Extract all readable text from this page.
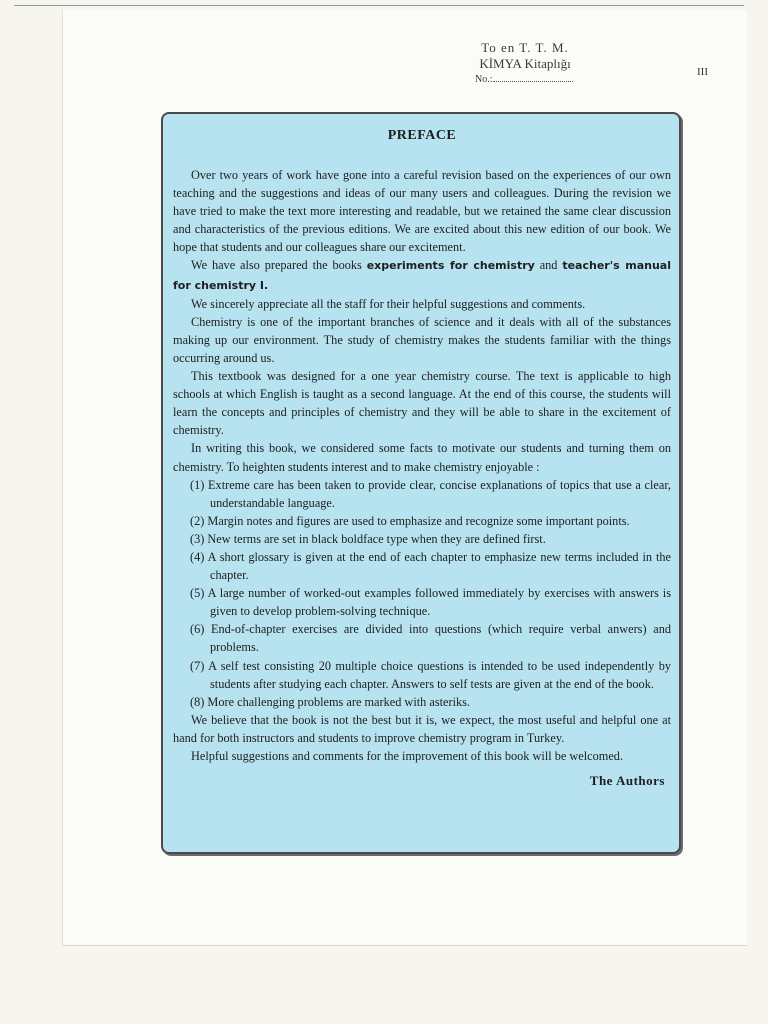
To en T. T. M.
KİMYA Kitaplığı
No.:
III
PREFACE

Over two years of work have gone into a careful revision based on the experiences of our own teaching and the suggestions and ideas of our many users and colleagues. During the revision we have tried to make the text more interesting and readable, but we retained the same clear discussion and characteristics of the previous editions. We are excited about this new edition of our book. We hope that students and our colleagues share our excitement.

We have also prepared the books experiments for chemistry and teacher's manual for chemistry I.

We sincerely appreciate all the staff for their helpful suggestions and comments.

Chemistry is one of the important branches of science and it deals with all of the substances making up our environment. The study of chemistry makes the students familiar with the things occurring around us.

This textbook was designed for a one year chemistry course. The text is applicable to high schools at which English is taught as a second language. At the end of this course, the students will learn the concepts and principles of chemistry and they will be able to share in the excitement of chemistry.

In writing this book, we considered some facts to motivate our students and turning them on chemistry. To heighten students interest and to make chemistry enjoyable :

(1) Extreme care has been taken to provide clear, concise explanations of topics that use a clear, understandable language.
(2) Margin notes and figures are used to emphasize and recognize some important points.
(3) New terms are set in black boldface type when they are defined first.
(4) A short glossary is given at the end of each chapter to emphasize new terms included in the chapter.
(5) A large number of worked-out examples followed immediately by exercises with answers is given to develop problem-solving technique.
(6) End-of-chapter exercises are divided into questions (which require verbal anwers) and problems.
(7) A self test consisting 20 multiple choice questions is intended to be used independently by students after studying each chapter. Answers to self tests are given at the end of the book.
(8) More challenging problems are marked with asteriks.

We believe that the book is not the best but it is, we expect, the most useful and helpful one at hand for both instructors and students to improve chemistry program in Turkey.

Helpful suggestions and comments for the improvement of this book will be welcomed.

The Authors
